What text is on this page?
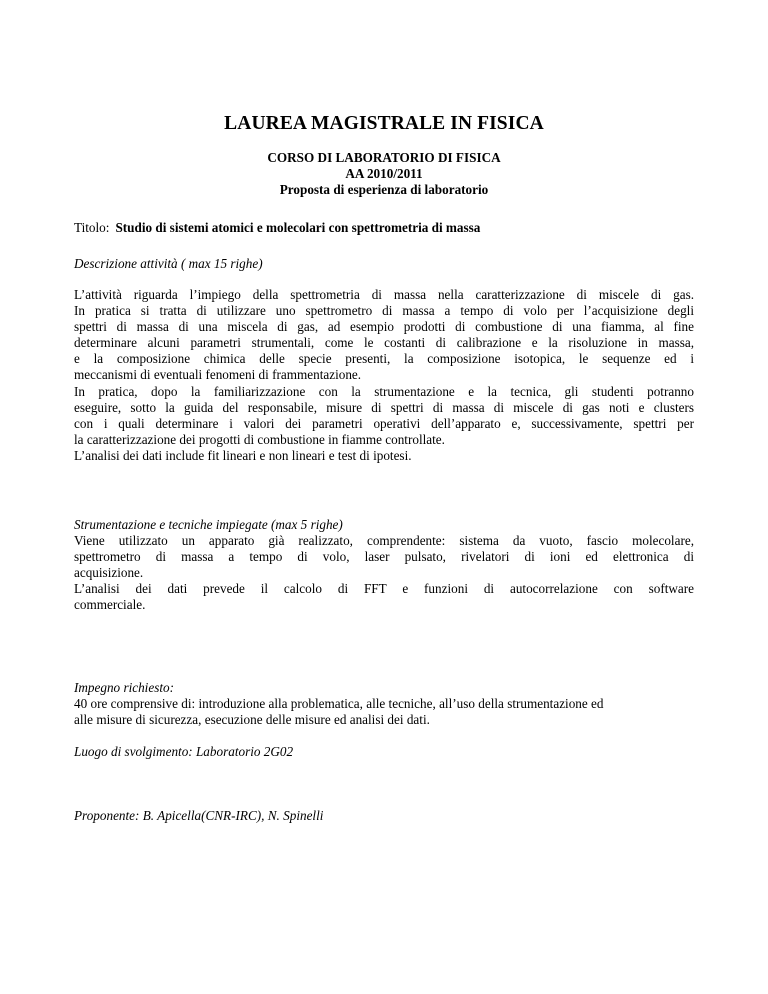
LAUREA MAGISTRALE IN FISICA
CORSO DI LABORATORIO DI FISICA
AA 2010/2011
Proposta di esperienza di laboratorio
Titolo: Studio di sistemi atomici e molecolari con spettrometria di massa
Descrizione attività ( max 15 righe)
L’attività riguarda l’impiego della spettrometria di massa nella caratterizzazione di miscele di gas.
In pratica si tratta di utilizzare uno spettrometro di massa a tempo di volo per l’acquisizione degli
spettri di massa di una miscela di gas, ad esempio prodotti di combustione di una fiamma, al fine
determinare alcuni parametri strumentali, come le costanti di calibrazione e la risoluzione in massa,
e la composizione chimica delle specie presenti, la composizione isotopica, le sequenze ed i
meccanismi di eventuali fenomeni di frammentazione.
In pratica, dopo la familiarizzazione con la strumentazione e la tecnica, gli studenti potranno
eseguire, sotto la guida del responsabile, misure di spettri di massa di miscele di gas noti e clusters
con i quali determinare i valori dei parametri operativi dell’apparato e, successivamente, spettri per
la caratterizzazione dei progotti di combustione in fiamme controllate.
L’analisi dei dati include fit lineari e non lineari e test di ipotesi.
Strumentazione e tecniche impiegate (max 5 righe)
Viene utilizzato un apparato già realizzato, comprendente: sistema da vuoto, fascio molecolare,
spettrometro di massa a tempo di volo, laser pulsato, rivelatori di ioni ed elettronica di
acquisizione.
L’analisi dei dati prevede il calcolo di FFT e funzioni di autocorrelazione con software
commerciale.
Impegno richiesto:
40 ore comprensive di: introduzione alla problematica, alle tecniche, all’uso della strumentazione ed
alle misure di sicurezza, esecuzione delle misure ed analisi dei dati.
Luogo di svolgimento: Laboratorio 2G02
Proponente: B. Apicella(CNR-IRC), N. Spinelli
